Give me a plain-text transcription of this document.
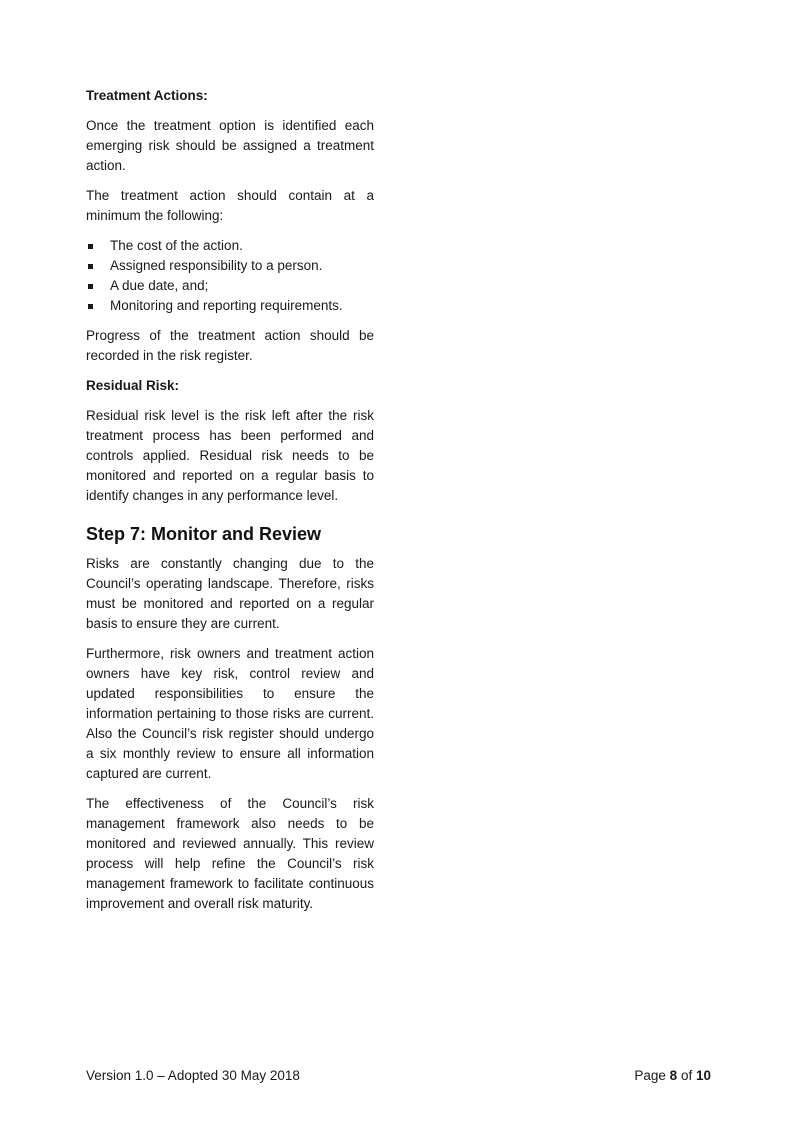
Treatment Actions:

Once the treatment option is identified each emerging risk should be assigned a treatment action.

The treatment action should contain at a minimum the following:

The cost of the action.
Assigned responsibility to a person.
A due date, and;
Monitoring and reporting requirements.

Progress of the treatment action should be recorded in the risk register.

Residual Risk:

Residual risk level is the risk left after the risk treatment process has been performed and controls applied. Residual risk needs to be monitored and reported on a regular basis to identify changes in any performance level.

Step 7: Monitor and Review

Risks are constantly changing due to the Council’s operating landscape. Therefore, risks must be monitored and reported on a regular basis to ensure they are current.

Furthermore, risk owners and treatment action owners have key risk, control review and updated responsibilities to ensure the information pertaining to those risks are current. Also the Council’s risk register should undergo a six monthly review to ensure all information captured are current.

The effectiveness of the Council’s risk management framework also needs to be monitored and reviewed annually. This review process will help refine the Council’s risk management framework to facilitate continuous improvement and overall risk maturity.

Version 1.0 – Adopted 30 May 2018	Page 8 of 10
